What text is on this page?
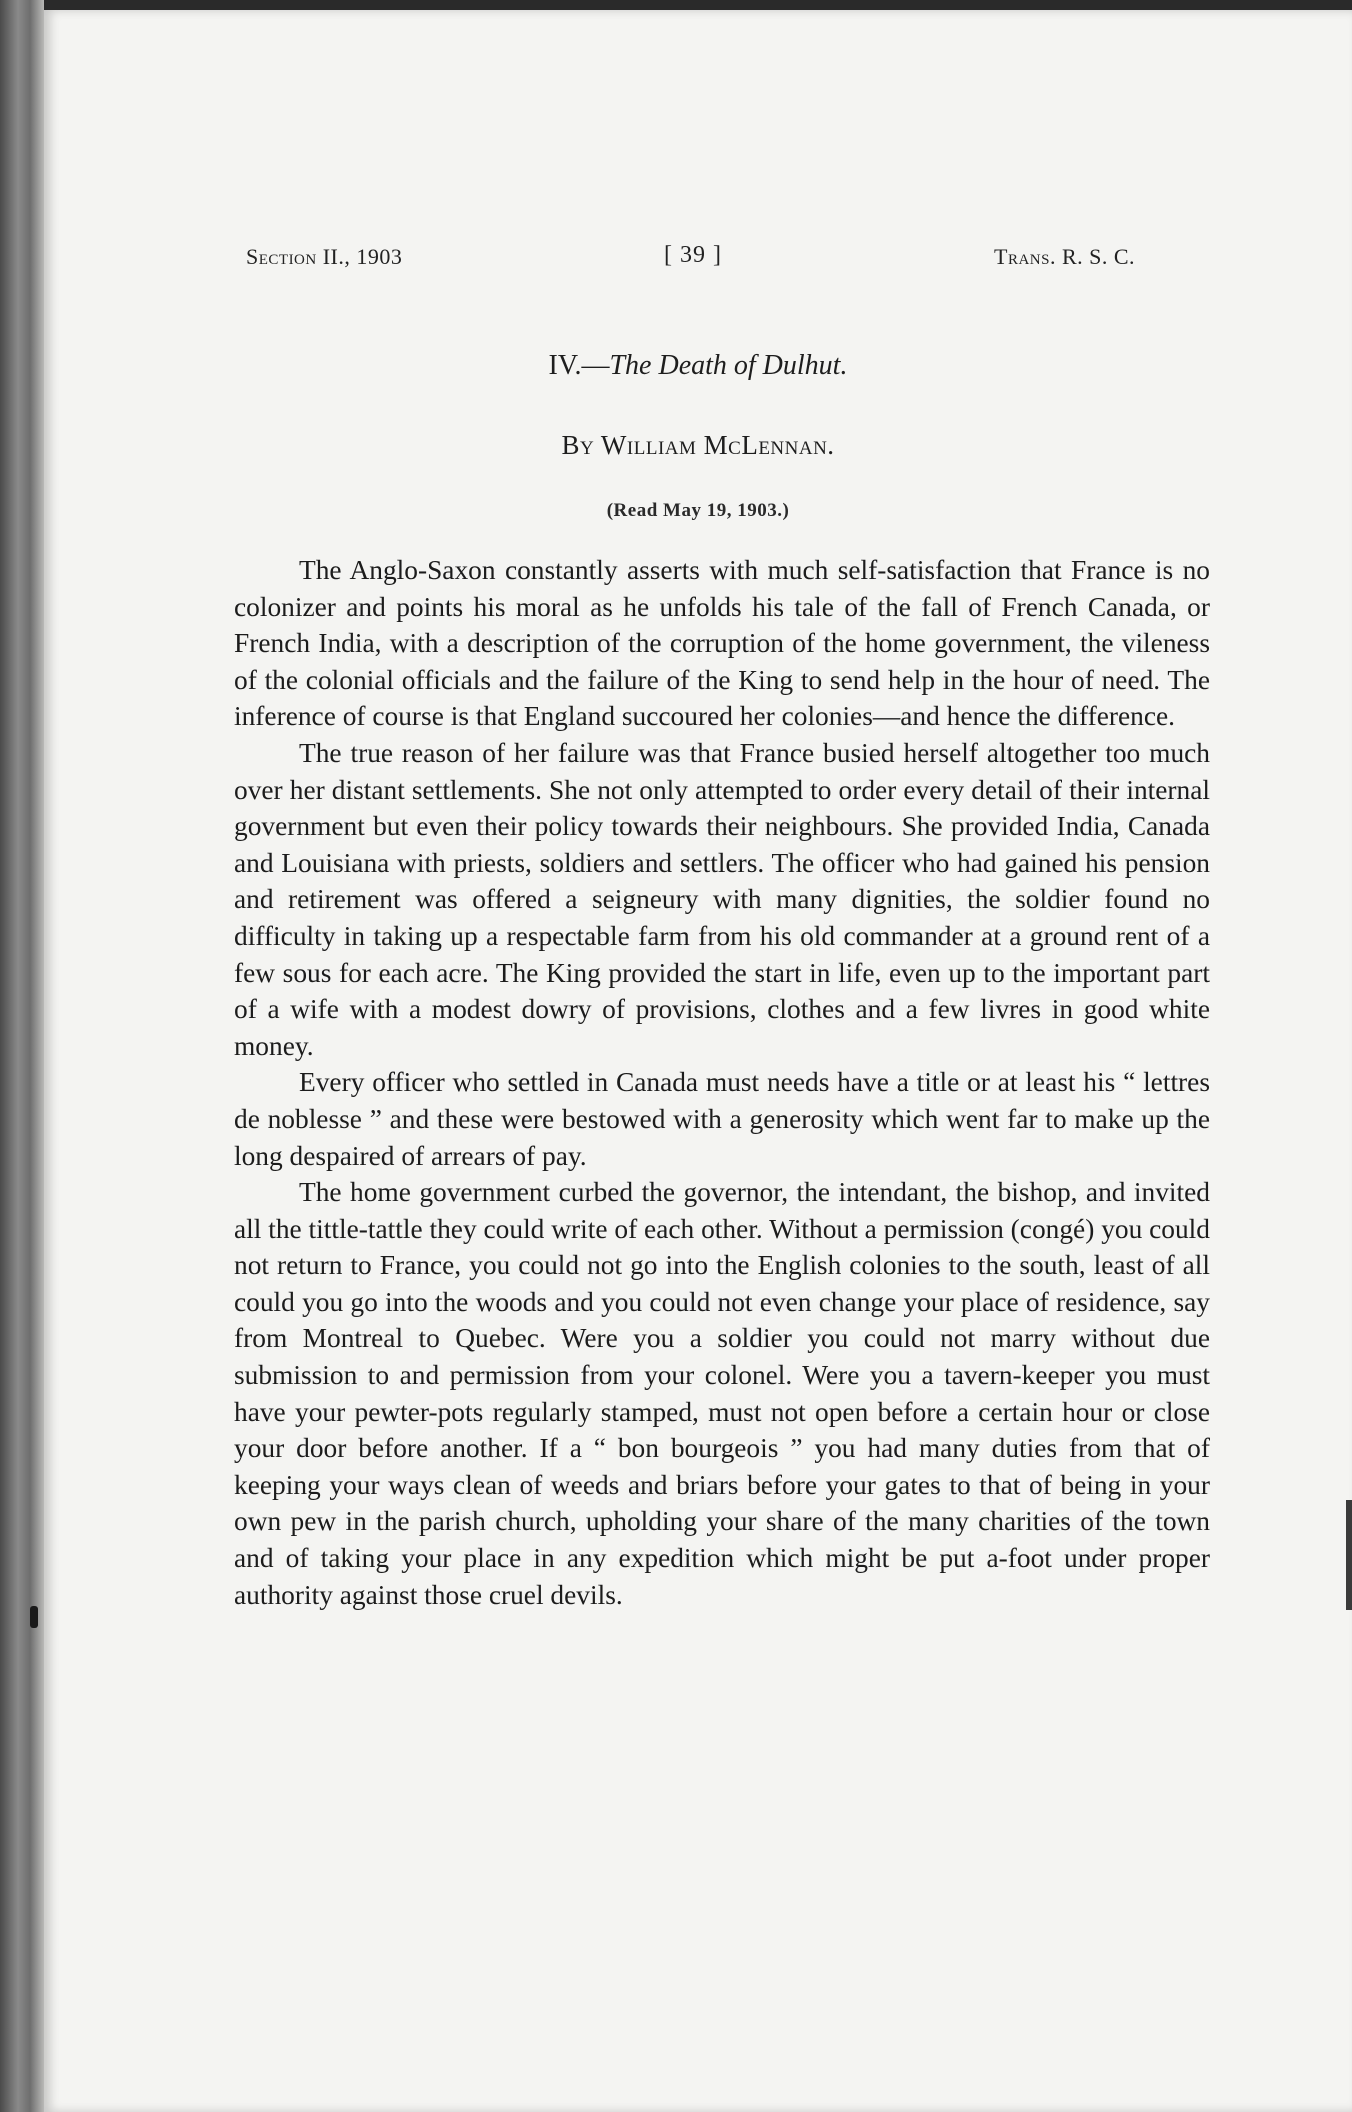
Section II., 1903	[ 39 ]	Trans. R. S. C.
IV.—The Death of Dulhut.
By William McLennan.
(Read May 19, 1903.)

The Anglo-Saxon constantly asserts with much self-satisfaction that France is no colonizer and points his moral as he unfolds his tale of the fall of French Canada, or French India, with a description of the corruption of the home government, the vileness of the colonial officials and the failure of the King to send help in the hour of need. The inference of course is that England succoured her colonies—and hence the difference.

The true reason of her failure was that France busied herself altogether too much over her distant settlements. She not only attempted to order every detail of their internal government but even their policy towards their neighbours. She provided India, Canada and Louisiana with priests, soldiers and settlers. The officer who had gained his pension and retirement was offered a seigneury with many dignities, the soldier found no difficulty in taking up a respectable farm from his old commander at a ground rent of a few sous for each acre. The King provided the start in life, even up to the important part of a wife with a modest dowry of provisions, clothes and a few livres in good white money.

Every officer who settled in Canada must needs have a title or at least his “ lettres de noblesse ” and these were bestowed with a generosity which went far to make up the long despaired of arrears of pay.

The home government curbed the governor, the intendant, the bishop, and invited all the tittle-tattle they could write of each other. Without a permission (congé) you could not return to France, you could not go into the English colonies to the south, least of all could you go into the woods and you could not even change your place of residence, say from Montreal to Quebec. Were you a soldier you could not marry without due submission to and permission from your colonel. Were you a tavern-keeper you must have your pewter-pots regularly stamped, must not open before a certain hour or close your door before another. If a “ bon bourgeois ” you had many duties from that of keeping your ways clean of weeds and briars before your gates to that of being in your own pew in the parish church, upholding your share of the many charities of the town and of taking your place in any expedition which might be put a-foot under proper authority against those cruel devils.
